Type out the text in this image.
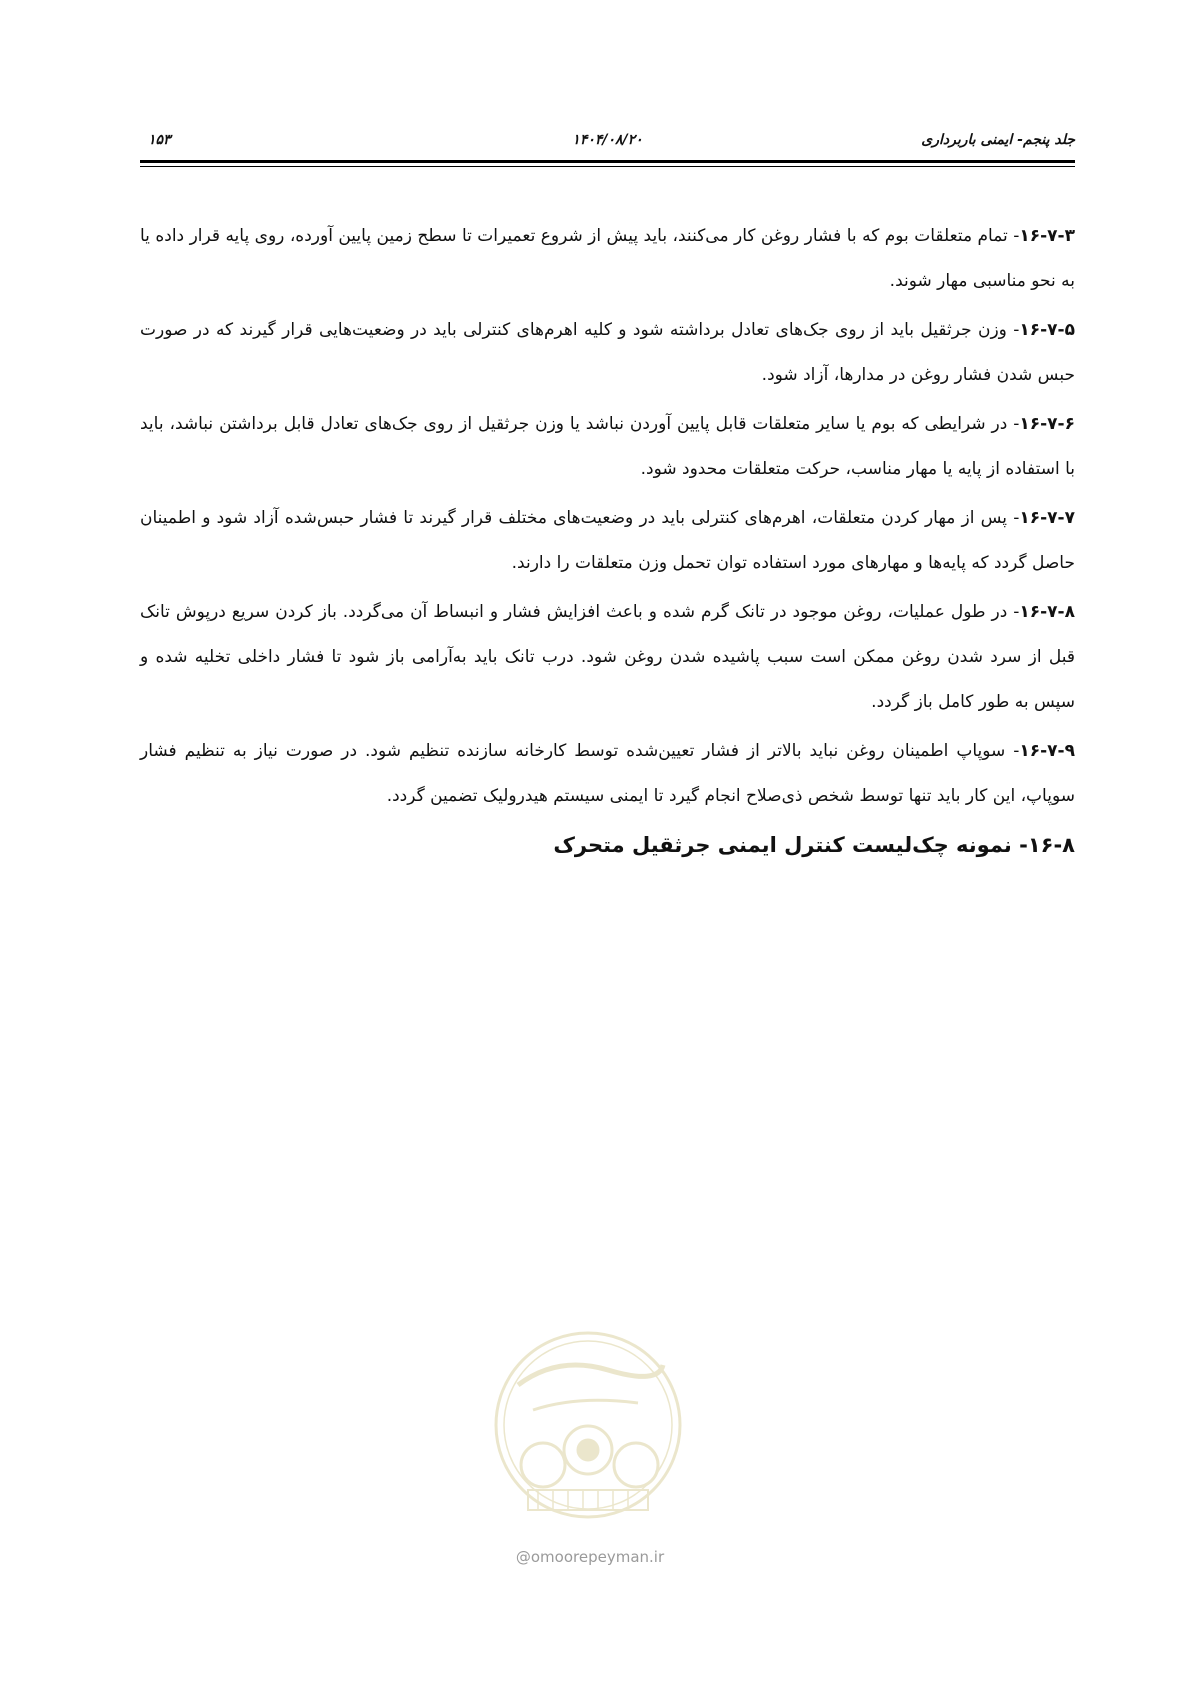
جلد پنجم- ایمنی باربرداری
۱۴۰۴/۰۸/۲۰
۱۵۳

۱۶-۷-۳- تمام متعلقات بوم که با فشار روغن کار می‌کنند، باید پیش از شروع تعمیرات تا سطح زمین پایین آورده، روی پایه قرار داده یا به نحو مناسبی مهار شوند.

۱۶-۷-۵- وزن جرثقیل باید از روی جک‌های تعادل برداشته شود و کلیه اهرم‌های کنترلی باید در وضعیت‌هایی قرار گیرند که در صورت حبس شدن فشار روغن در مدارها، آزاد شود.

۱۶-۷-۶- در شرایطی که بوم یا سایر متعلقات قابل پایین آوردن نباشد یا وزن جرثقیل از روی جک‌های تعادل قابل برداشتن نباشد، باید با استفاده از پایه یا مهار مناسب، حرکت متعلقات محدود شود.

۱۶-۷-۷- پس از مهار کردن متعلقات، اهرم‌های کنترلی باید در وضعیت‌های مختلف قرار گیرند تا فشار حبس‌شده آزاد شود و اطمینان حاصل گردد که پایه‌ها و مهارهای مورد استفاده توان تحمل وزن متعلقات را دارند.

۱۶-۷-۸- در طول عملیات، روغن موجود در تانک گرم شده و باعث افزایش فشار و انبساط آن می‌گردد. باز کردن سریع درپوش تانک قبل از سرد شدن روغن ممکن است سبب پاشیده شدن روغن شود. درب تانک باید به‌آرامی باز شود تا فشار داخلی تخلیه شده و سپس به طور کامل باز گردد.

۱۶-۷-۹- سوپاپ اطمینان روغن نباید بالاتر از فشار تعیین‌شده توسط کارخانه سازنده تنظیم شود. در صورت نیاز به تنظیم فشار سوپاپ، این کار باید تنها توسط شخص ذی‌صلاح انجام گیرد تا ایمنی سیستم هیدرولیک تضمین گردد.

۱۶-۸- نمونه چک‌لیست کنترل ایمنی جرثقیل متحرک
@omoorepeyman.ir
